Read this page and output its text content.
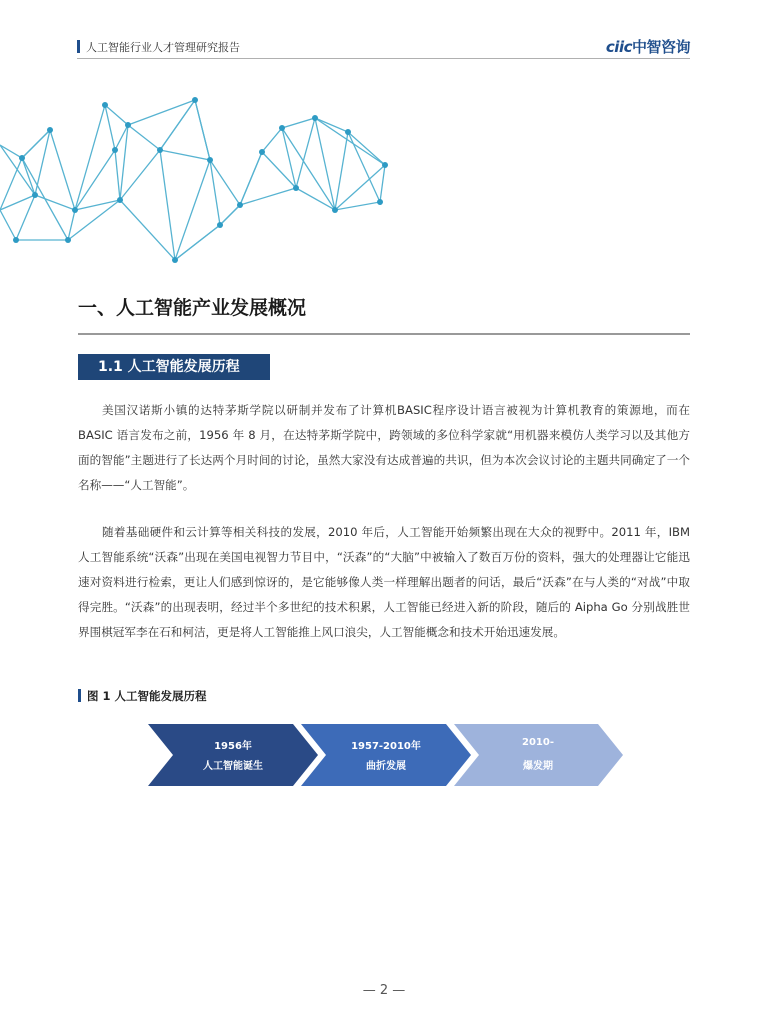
人工智能行业人才管理研究报告	ciic中智咨询
一、人工智能产业发展概况
1.1 人工智能发展历程

美国汉诺斯小镇的达特茅斯学院以研制并发布了计算机BASIC程序设计语言被视为计算机教育的策源地，而在 BASIC 语言发布之前，1956 年 8 月，在达特茅斯学院中，跨领域的多位科学家就“用机器来模仿人类学习以及其他方面的智能”主题进行了长达两个月时间的讨论，虽然大家没有达成普遍的共识，但为本次会议讨论的主题共同确定了一个名称——“人工智能”。

随着基础硬件和云计算等相关科技的发展，2010 年后，人工智能开始频繁出现在大众的视野中。2011 年，IBM 人工智能系统“沃森”出现在美国电视智力节目中，“沃森”的“大脑”中被输入了数百万份的资料，强大的处理器让它能迅速对资料进行检索，更让人们感到惊讶的，是它能够像人类一样理解出题者的问话，最后“沃森”在与人类的“对战”中取得完胜。“沃森”的出现表明，经过半个多世纪的技术积累，人工智能已经进入新的阶段，随后的 Aipha Go 分别战胜世界围棋冠军李在石和柯洁，更是将人工智能推上风口浪尖，人工智能概念和技术开始迅速发展。

图 1 人工智能发展历程
1956年
人工智能诞生
1957-2010年
曲折发展
2010-
爆发期
— 2 —
